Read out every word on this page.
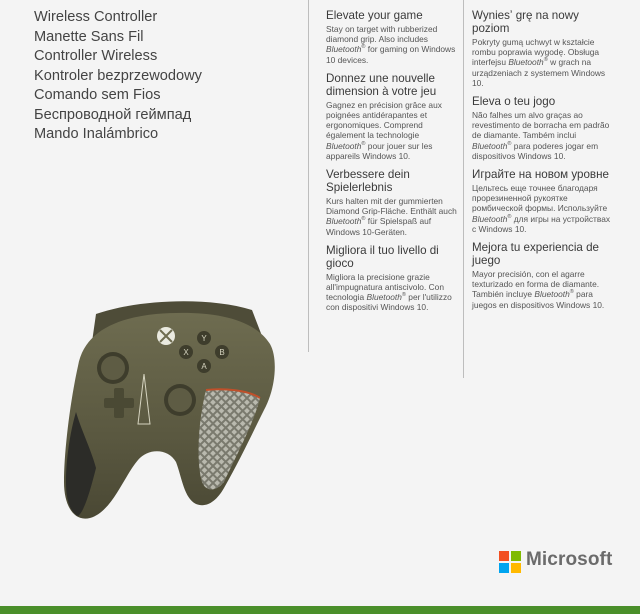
Wireless Controller
Manette Sans Fil
Controller Wireless
Kontroler bezprzewodowy
Comando sem Fios
Беспроводной геймпад
Mando Inalámbrico
Elevate your game
Stay on target with rubberized diamond grip. Also includes Bluetooth® for gaming on Windows 10 devices.
Donnez une nouvelle dimension à votre jeu
Gagnez en précision grâce aux poignées antidérapantes et ergonomiques. Comprend également la technologie Bluetooth® pour jouer sur les appareils Windows 10.
Verbessere dein Spielerlebnis
Kurs halten mit der gummierten Diamond Grip-Fläche. Enthält auch Bluetooth® für Spielspaß auf Windows 10-Geräten.
Migliora il tuo livello di gioco
Migliora la precisione grazie all'impugnatura antiscivolo. Con tecnologia Bluetooth® per l'utilizzo con dispositivi Windows 10.
Wyniesʼ grę na nowy poziom
Pokryty gumą uchwyt w kształcie rombu poprawia wygodę. Obsługa interfejsu Bluetooth® w grach na urządzeniach z systemem Windows 10.
Eleva o teu jogo
Não falhes um alvo graças ao revestimento de borracha em padrão de diamante. Também inclui Bluetooth® para poderes jogar em dispositivos Windows 10.
Играйте на новом уровне
Цельтесь еще точнее благодаря прорезиненной рукоятке ромбической формы. Используйте Bluetooth® для игры на устройствах с Windows 10.
Mejora tu experiencia de juego
Mayor precisión, con el agarre texturizado en forma de diamante. También incluye Bluetooth® para juegos en dispositivos Windows 10.
Y
B
X
A
Microsoft
